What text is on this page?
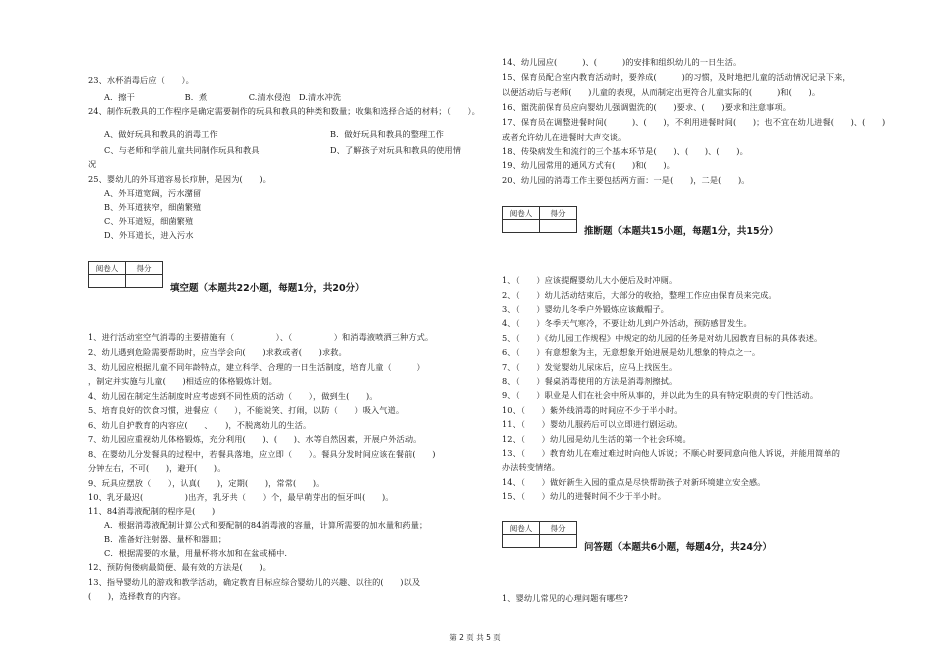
23、水杯消毒后应（　　）。
A．擦干　　　　　　B．煮　　　　　C.清水侵泡　D.清水冲洗
24、制作玩教具的工作程序是确定需要制作的玩具和教具的种类和数量；收集和选择合适的材料；（　　）。
A、做好玩具和教具的消毒工作	B．做好玩具和教具的整理工作
C、与老师和学前儿童共同制作玩具和教具	D、了解孩子对玩具和教具的使用情
况
25、婴幼儿的外耳道容易长疖肿，是因为(　　)。
A、外耳道宽阔，污水潴留
B、外耳道狭窄，细菌繁殖
C、外耳道短，细菌繁殖
D、外耳道长，进入污水
阅卷人	得分

填空题（本题共22小题，每题1分，共20分）
1、进行活动室空气消毒的主要措施有（　　　　　）、（　　　　　）和消毒液喷洒三种方式。
2、幼儿遇到危险需要帮助时，应当学会向(　　)求救或者(　　)求救。
3、幼儿园应根据儿童不同年龄特点，建立科学、合理的一日生活制度，培育儿童（　　　）
，制定并实施与儿童(　　)相适应的体格锻炼计划。
4、幼儿园在制定生活制度时应考虑到不同性质的活动（　　），做到生(　　)。
5、培育良好的饮食习惯，进餐应（　　），不能说笑、打闹，以防（　　）吸入气道。
6、幼儿自护教育的内容应(　　、　　)，不脱离幼儿的生活。
7、幼儿园应重视幼儿体格锻炼，充分利用(　　)、(　　)、水等自然因素，开展户外活动。
8、在婴幼儿分发餐具的过程中，若餐具落地，应立即（　　）。餐具分发时间应该在餐前(　　)
分钟左右，不可(　　)，避开(　　)。
9、玩具应摆放（　　），认真(　　)，定期(　　)，常常(　　)。
10、乳牙最迟(　　　　　)出齐，乳牙共（　　）个，最早萌芽出的恒牙叫(　　)。
11、84消毒液配制的程序是(　　)
A．根据消毒液配制计算公式和要配制的84消毒液的容量，计算所需要的加水量和药量；
B．准备好注射器、量杯和器皿；
C．根据需要的水量，用量杯将水加和在盆或桶中.
12、预防佝偻病最简便、最有效的方法是(　　)。
13、指导婴幼儿的游戏和教学活动，确定教育目标应综合婴幼儿的兴趣、以往的(　　)以及
(　　)，选择教育的内容。
14、幼儿园应(　　　)、(　　　)的安排和组织幼儿的一日生活。
15、保育员配合室内教育活动时，要养成(　　　)的习惯，及时地把儿童的活动情况记录下来，
以便活动后与老师(　　)儿童的表现，从而制定出更符合儿童实际的(　　　)和(　　)。
16、盥洗前保育员应向婴幼儿强调盥洗的(　　)要求、(　　)要求和注意事项。
17、保育员在调整进餐时间(　　　)、(　　)，不利用进餐时间(　　)；也不宜在幼儿进餐(　　)、(　　)
或者允许幼儿在进餐时大声交谈。
18、传染病发生和流行的三个基本环节是(　　)、(　　)、(　　)。
19、幼儿园常用的通风方式有(　　)和(　　)。
20、幼儿园的消毒工作主要包括两方面：一是(　　)，二是(　　)。
阅卷人	得分

推断题（本题共15小题，每题1分，共15分）
1、（　　）应该提醒婴幼儿大小便后及时冲厕。
2、（　　）幼儿活动结束后，大部分的收拾，整理工作应由保育员来完成。
3、（　　）婴幼儿冬季户外锻炼应该戴帽子。
4、（　　）冬季天气寒冷，不要让幼儿到户外活动，预防感冒发生。
5、（　　）《幼儿园工作规程》中规定的幼儿园的任务是对幼儿园教育目标的具体表述。
6、（　　）有意想象为主，无意想象开始进展是幼儿想象的特点之一。
7、（　　）发觉婴幼儿尿床后，应马上找医生。
8、（　　）餐桌消毒使用的方法是消毒剂擦拭。
9、（　　）职业是人们在社会中所从事的，并以此为生的具有特定职责的专门性活动。
10、（　　）紫外线消毒的时间应不少于半小时。
11、（　　）婴幼儿服药后可以立即进行剧运动。
12、（　　）幼儿园是幼儿生活的第一个社会环境。
13、（　　）教育幼儿在难过难过时向他人诉说；不顺心时要同意向他人诉说，并能用简单的
办法转变情绪。
14、（　　）做好新生入园的重点是尽快帮助孩子对新环境建立安全感。
15、（　　）幼儿的进餐时间不少于半小时。
阅卷人	得分

问答题（本题共6小题，每题4分，共24分）
1、婴幼儿常见的心理问题有哪些?
第 2 页 共 5 页
